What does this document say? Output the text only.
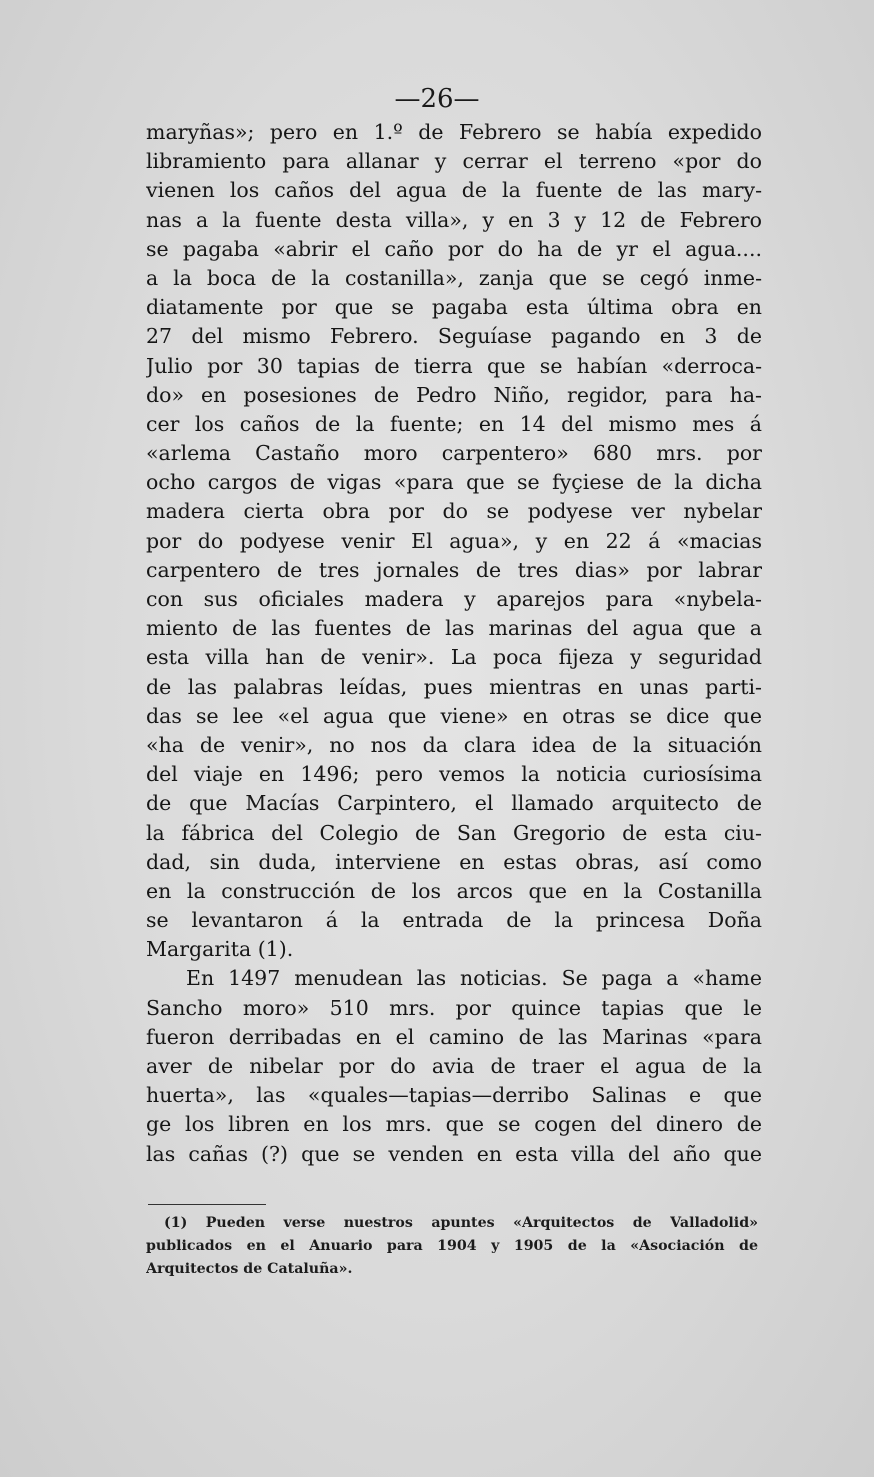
—26—
maryñas»; pero en 1.º de Febrero se había expedido
libramiento para allanar y cerrar el terreno «por do
vienen los caños del agua de la fuente de las mary-
nas a la fuente desta villa», y en 3 y 12 de Febrero
se pagaba «abrir el caño por do ha de yr el agua....
a la boca de la costanilla», zanja que se cegó inme-
diatamente por que se pagaba esta última obra en
27 del mismo Febrero. Seguíase pagando en 3 de
Julio por 30 tapias de tierra que se habían «derroca-
do» en posesiones de Pedro Niño, regidor, para ha-
cer los caños de la fuente; en 14 del mismo mes á
«arlema Castaño moro carpentero» 680 mrs. por
ocho cargos de vigas «para que se fyçiese de la dicha
madera cierta obra por do se podyese ver nybelar
por do podyese venir El agua», y en 22 á «macias
carpentero de tres jornales de tres dias» por labrar
con sus oficiales madera y aparejos para «nybela-
miento de las fuentes de las marinas del agua que a
esta villa han de venir». La poca fijeza y seguridad
de las palabras leídas, pues mientras en unas parti-
das se lee «el agua que viene» en otras se dice que
«ha de venir», no nos da clara idea de la situación
del viaje en 1496; pero vemos la noticia curiosísima
de que Macías Carpintero, el llamado arquitecto de
la fábrica del Colegio de San Gregorio de esta ciu-
dad, sin duda, interviene en estas obras, así como
en la construcción de los arcos que en la Costanilla
se levantaron á la entrada de la princesa Doña
Margarita (1).
En 1497 menudean las noticias. Se paga a «hame
Sancho moro» 510 mrs. por quince tapias que le
fueron derribadas en el camino de las Marinas «para
aver de nibelar por do avia de traer el agua de la
huerta», las «quales—tapias—derribo Salinas e que
ge los libren en los mrs. que se cogen del dinero de
las cañas (?) que se venden en esta villa del año que
(1) Pueden verse nuestros apuntes «Arquitectos de Valladolid»
publicados en el Anuario para 1904 y 1905 de la «Asociación de
Arquitectos de Cataluña».
